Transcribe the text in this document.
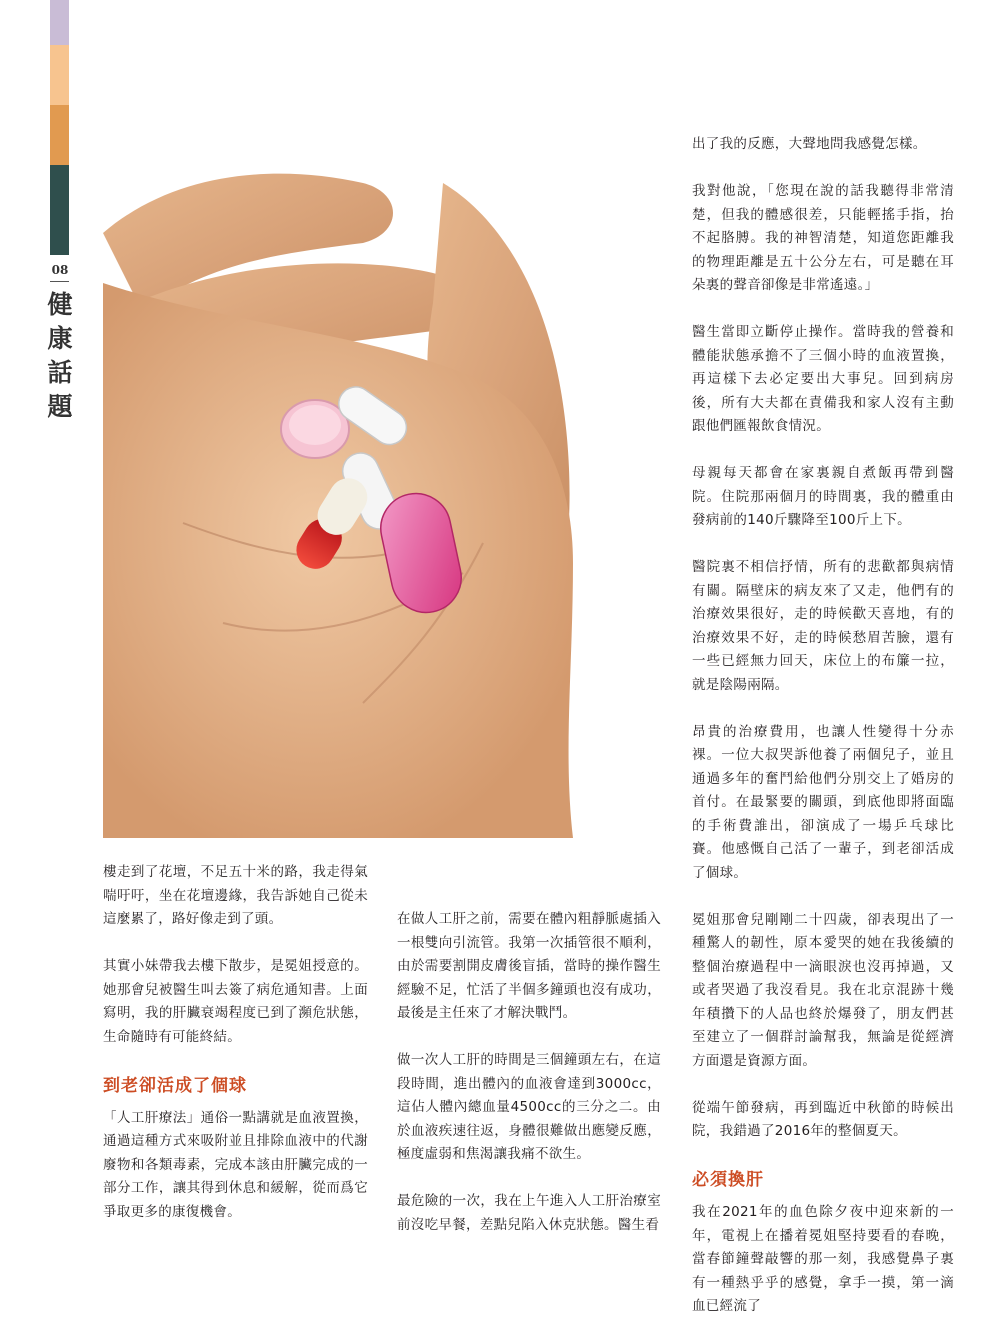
08
健
康
話
題

樓走到了花壇，不足五十米的路，我走得氣喘吁吁，坐在花壇邊緣，我告訴她自己從未這麼累了，路好像走到了頭。

其實小妹帶我去樓下散步，是冕姐授意的。她那會兒被醫生叫去簽了病危通知書。上面寫明，我的肝臟衰竭程度已到了瀕危狀態，生命隨時有可能終結。

到老卻活成了個球

「人工肝療法」通俗一點講就是血液置換，通過這種方式來吸附並且排除血液中的代謝廢物和各類毒素，完成本該由肝臟完成的一部分工作，讓其得到休息和緩解，從而爲它爭取更多的康復機會。

在做人工肝之前，需要在體內粗靜脈處插入一根雙向引流管。我第一次插管很不順利，由於需要割開皮膚後盲插，當時的操作醫生經驗不足，忙活了半個多鐘頭也沒有成功，最後是主任來了才解決戰鬥。

做一次人工肝的時間是三個鐘頭左右，在這段時間，進出體內的血液會達到3000cc，這佔人體內總血量4500cc的三分之二。由於血液疾速往返，身體很難做出應變反應，極度虛弱和焦渴讓我痛不欲生。

最危險的一次，我在上午進入人工肝治療室前沒吃早餐，差點兒陷入休克狀態。醫生看

出了我的反應，大聲地問我感覺怎樣。

我對他說，「您現在說的話我聽得非常清楚，但我的體感很差，只能輕搖手指，抬不起胳膊。我的神智清楚，知道您距離我的物理距離是五十公分左右，可是聽在耳朵裏的聲音卻像是非常遙遠。」

醫生當即立斷停止操作。當時我的營養和體能狀態承擔不了三個小時的血液置換，再這樣下去必定要出大事兒。回到病房後，所有大夫都在責備我和家人沒有主動跟他們匯報飲食情況。

母親每天都會在家裏親自煮飯再帶到醫院。住院那兩個月的時間裏，我的體重由發病前的140斤驟降至100斤上下。

醫院裏不相信抒情，所有的悲歡都與病情有關。隔壁床的病友來了又走，他們有的治療效果很好，走的時候歡天喜地，有的治療效果不好，走的時候愁眉苦臉，還有一些已經無力回天，床位上的布簾一拉，就是陰陽兩隔。

昂貴的治療費用，也讓人性變得十分赤裸。一位大叔哭訴他養了兩個兒子，並且通過多年的奮鬥給他們分別交上了婚房的首付。在最緊要的關頭，到底他即將面臨的手術費誰出，卻演成了一場乒乓球比賽。他感慨自己活了一輩子，到老卻活成了個球。

冕姐那會兒剛剛二十四歲，卻表現出了一種驚人的韌性，原本愛哭的她在我後續的整個治療過程中一滴眼淚也沒再掉過，又或者哭過了我沒看見。我在北京混跡十幾年積攢下的人品也終於爆發了，朋友們甚至建立了一個群討論幫我，無論是從經濟方面還是資源方面。

從端午節發病，再到臨近中秋節的時候出院，我錯過了2016年的整個夏天。

必須換肝

我在2021年的血色除夕夜中迎來新的一年，電視上在播着冕姐堅持要看的春晚，當春節鐘聲敲響的那一刻，我感覺鼻子裏有一種熱乎乎的感覺，拿手一摸，第一滴血已經流了
